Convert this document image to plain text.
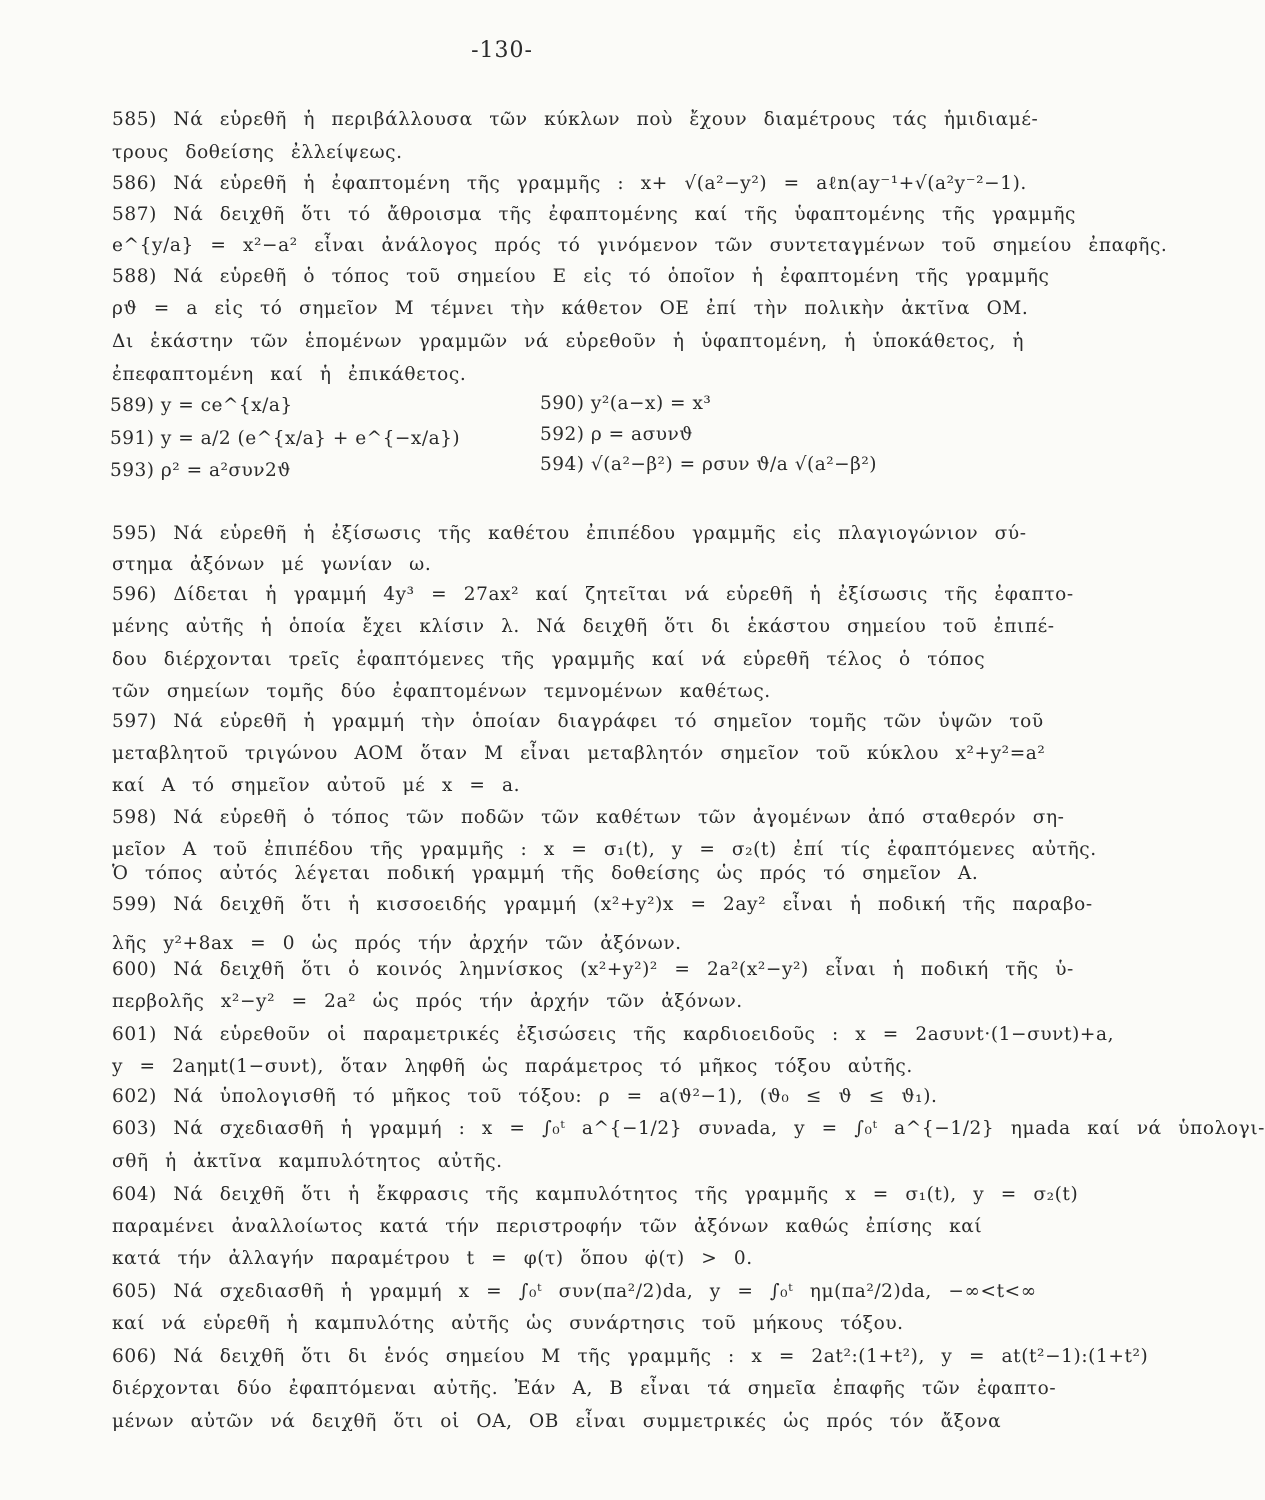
-130-
585) Νά εὑρεθῆ ἡ περιβάλλουσα τῶν κύκλων ποὺ ἔχουν διαμέτρους τάς ἡμιδιαμέ-
τρους δοθείσης ἐλλείψεως.
586) Νά εὑρεθῆ ἡ ἐφαπτομένη τῆς γραμμῆς : x+ √(a²−y²) = aℓn(ay⁻¹+√(a²y⁻²−1).
587) Νά δειχθῆ ὅτι τό ἄθροισμα τῆς ἐφαπτομένης καί τῆς ὑφαπτομένης τῆς γραμμῆς
e^{y/a} = x²−a² εἶναι ἀνάλογος πρός τό γινόμενον τῶν συντεταγμένων τοῦ σημείου ἐπαφῆς.
588) Νά εὑρεθῆ ὁ τόπος τοῦ σημείου Ε εἰς τό ὁποῖον ἡ ἐφαπτομένη τῆς γραμμῆς
ρϑ = a εἰς τό σημεῖον Μ τέμνει τὴν κάθετον ΟΕ ἐπί τὴν πολικὴν ἀκτῖνα ΟΜ.
Δι ἑκάστην τῶν ἑπομένων γραμμῶν νά εὑρεθοῦν ἡ ὑφαπτομένη, ἡ ὑποκάθετος, ἡ
ἐπεφαπτομένη καί ἡ ἐπικάθετος.
589) y = ce^{x/a}	590) y²(a−x) = x³
591) y = a/2 (e^{x/a} + e^{−x/a})	592) ρ = aσυνϑ
593) ρ² = a²συν2ϑ	594) √(a²−β²) = ρσυν ϑ/a √(a²−β²)
595) Νά εὑρεθῆ ἡ ἐξίσωσις τῆς καθέτου ἐπιπέδου γραμμῆς εἰς πλαγιογώνιον σύ-
στημα ἀξόνων μέ γωνίαν ω.
596) Δίδεται ἡ γραμμή 4y³ = 27ax² καί ζητεῖται νά εὑρεθῆ ἡ ἐξίσωσις τῆς ἐφαπτο-
μένης αὐτῆς ἡ ὁποία ἔχει κλίσιν λ. Νά δειχθῆ ὅτι δι ἑκάστου σημείου τοῦ ἐπιπέ-
δου διέρχονται τρεῖς ἐφαπτόμενες τῆς γραμμῆς καί νά εὑρεθῆ τέλος ὁ τόπος
τῶν σημείων τομῆς δύο ἐφαπτομένων τεμνομένων καθέτως.
597) Νά εὑρεθῆ ἡ γραμμή τὴν ὁποίαν διαγράφει τό σημεῖον τομῆς τῶν ὑψῶν τοῦ
μεταβλητοῦ τριγώνου ΑΟΜ ὅταν Μ εἶναι μεταβλητόν σημεῖον τοῦ κύκλου x²+y²=a²
καί Α τό σημεῖον αὐτοῦ μέ x = a.
598) Νά εὑρεθῆ ὁ τόπος τῶν ποδῶν τῶν καθέτων τῶν ἀγομένων ἀπό σταθερόν ση-
μεῖον Α τοῦ ἐπιπέδου τῆς γραμμῆς : x = σ₁(t), y = σ₂(t) ἐπί τίς ἐφαπτόμενες αὐτῆς.
Ὁ τόπος αὐτός λέγεται ποδική γραμμή τῆς δοθείσης ὡς πρός τό σημεῖον Α.
599) Νά δειχθῆ ὅτι ἡ κισσοειδής γραμμή (x²+y²)x = 2ay² εἶναι ἡ ποδική τῆς παραβο-
λῆς y²+8ax = 0 ὡς πρός τήν ἀρχήν τῶν ἀξόνων.
600) Νά δειχθῆ ὅτι ὁ κοινός λημνίσκος (x²+y²)² = 2a²(x²−y²) εἶναι ἡ ποδική τῆς ὑ-
περβολῆς x²−y² = 2a² ὡς πρός τήν ἀρχήν τῶν ἀξόνων.
601) Νά εὑρεθοῦν οἱ παραμετρικές ἐξισώσεις τῆς καρδιοειδοῦς : x = 2aσυνt·(1−συνt)+a,
y = 2aημt(1−συνt), ὅταν ληφθῆ ὡς παράμετρος τό μῆκος τόξου αὐτῆς.
602) Νά ὑπολογισθῆ τό μῆκος τοῦ τόξου: ρ = a(ϑ²−1), (ϑ₀ ≤ ϑ ≤ ϑ₁).
603) Νά σχεδιασθῆ ἡ γραμμή : x = ∫₀ᵗ a^{−1/2} συνada, y = ∫₀ᵗ a^{−1/2} ημada καί νά ὑπολογι-
σθῆ ἡ ἀκτῖνα καμπυλότητος αὐτῆς.
604) Νά δειχθῆ ὅτι ἡ ἔκφρασις τῆς καμπυλότητος τῆς γραμμῆς x = σ₁(t), y = σ₂(t)
παραμένει ἀναλλοίωτος κατά τήν περιστροφήν τῶν ἀξόνων καθώς ἐπίσης καί
κατά τήν ἀλλαγήν παραμέτρου t = φ(τ) ὅπου φ̇(τ) > 0.
605) Νά σχεδιασθῆ ἡ γραμμή x = ∫₀ᵗ συν(πa²/2)da, y = ∫₀ᵗ ημ(πa²/2)da, −∞<t<∞
καί νά εὑρεθῆ ἡ καμπυλότης αὐτῆς ὡς συνάρτησις τοῦ μήκους τόξου.
606) Νά δειχθῆ ὅτι δι ἑνός σημείου Μ τῆς γραμμῆς : x = 2at²:(1+t²), y = at(t²−1):(1+t²)
διέρχονται δύο ἐφαπτόμεναι αὐτῆς. Ἐάν Α, Β εἶναι τά σημεῖα ἐπαφῆς τῶν ἐφαπτο-
μένων αὐτῶν νά δειχθῆ ὅτι οἱ ΟΑ, ΟΒ εἶναι συμμετρικές ὡς πρός τόν ἄξονα
